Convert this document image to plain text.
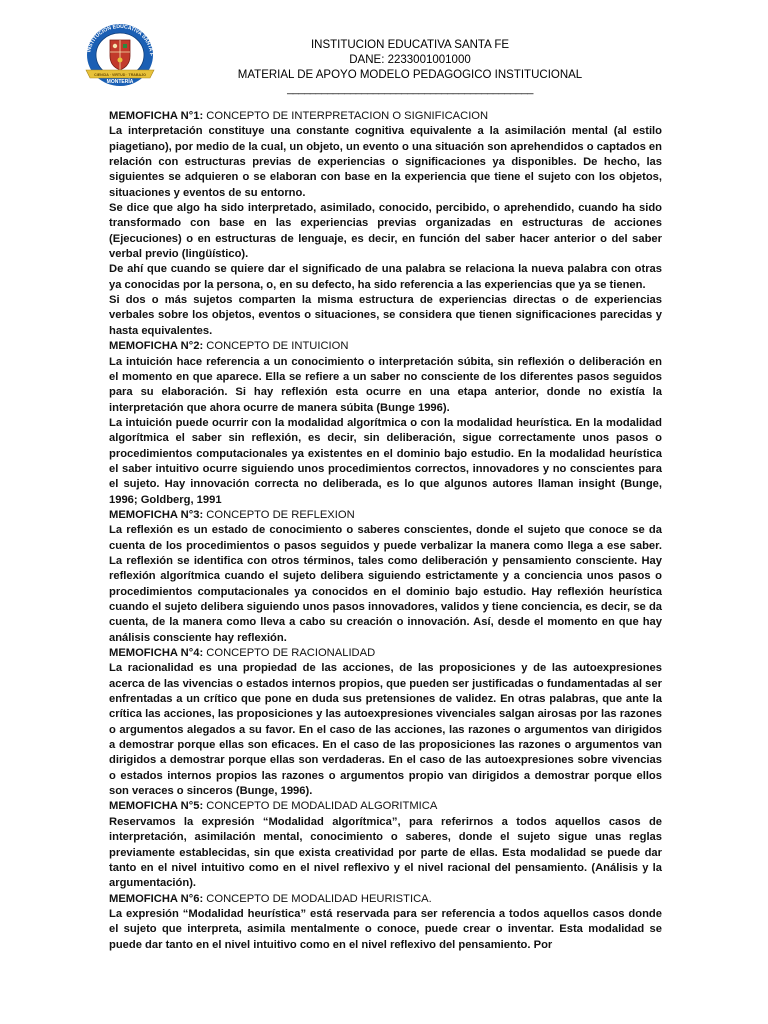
INSTITUCIÓN EDUCATIVA SANTA F
MONTERÍA
CIENCIA · VIRTUD · TRABAJO
INSTITUCION EDUCATIVA SANTA FE
DANE: 2233001001000
MATERIAL DE APOYO MODELO PEDAGOGICO INSTITUCIONAL
___________________________________________
MEMOFICHA N°1: CONCEPTO DE INTERPRETACION O SIGNIFICACION

La interpretación constituye una constante cognitiva equivalente a la asimilación mental (al estilo piagetiano), por medio de la cual, un objeto, un evento o una situación son aprehendidos o captados en relación con estructuras previas de experiencias o significaciones ya disponibles. De hecho, las siguientes se adquieren o se elaboran con base en la experiencia que tiene el sujeto con los objetos, situaciones y eventos de su entorno.

Se dice que algo ha sido interpretado, asimilado, conocido, percibido, o aprehendido, cuando ha sido transformado con base en las experiencias previas organizadas en estructuras de acciones (Ejecuciones) o en estructuras de lenguaje, es decir, en función del saber hacer anterior o del saber verbal previo (lingüístico).

De ahí que cuando se quiere dar el significado de una palabra se relaciona la nueva palabra con otras ya conocidas por la persona, o, en su defecto, ha sido referencia a las experiencias que ya se tienen.

Si dos o más sujetos comparten la misma estructura de experiencias directas o de experiencias verbales sobre los objetos, eventos o situaciones, se considera que tienen significaciones parecidas y hasta equivalentes.

MEMOFICHA N°2: CONCEPTO DE INTUICION

La intuición hace referencia a un conocimiento o interpretación súbita, sin reflexión o deliberación en el momento en que aparece. Ella se refiere a un saber no consciente de los diferentes pasos seguidos para su elaboración. Si hay reflexión esta ocurre en una etapa anterior, donde no existía la interpretación que ahora ocurre de manera súbita (Bunge 1996).

La intuición puede ocurrir con la modalidad algorítmica o con la modalidad heurística. En la modalidad algorítmica el saber sin reflexión, es decir, sin deliberación, sigue correctamente unos pasos o procedimientos computacionales ya existentes en el dominio bajo estudio. En la modalidad heurística el saber intuitivo ocurre siguiendo unos procedimientos correctos, innovadores y no conscientes para el sujeto. Hay innovación correcta no deliberada, es lo que algunos autores llaman insight (Bunge, 1996; Goldberg, 1991

MEMOFICHA N°3: CONCEPTO DE REFLEXION

La reflexión es un estado de conocimiento o saberes conscientes, donde el sujeto que conoce se da cuenta de los procedimientos o pasos seguidos y puede verbalizar la manera como llega a ese saber. La reflexión se identifica con otros términos, tales como deliberación y pensamiento consciente. Hay reflexión algorítmica cuando el sujeto delibera siguiendo estrictamente y a conciencia unos pasos o procedimientos computacionales ya conocidos en el dominio bajo estudio. Hay reflexión heurística cuando el sujeto delibera siguiendo unos pasos innovadores, validos y tiene conciencia, es decir, se da cuenta, de la manera como lleva a cabo su creación o innovación. Así, desde el momento en que hay análisis consciente hay reflexión.

MEMOFICHA N°4: CONCEPTO DE RACIONALIDAD

La racionalidad es una propiedad de las acciones, de las proposiciones y de las autoexpresiones acerca de las vivencias o estados internos propios, que pueden ser justificadas o fundamentadas al ser enfrentadas a un crítico que pone en duda sus pretensiones de validez. En otras palabras, que ante la crítica las acciones, las proposiciones y las autoexpresiones vivenciales salgan airosas por las razones o argumentos alegados a su favor. En el caso de las acciones, las razones o argumentos van dirigidos a demostrar porque ellas son eficaces. En el caso de las proposiciones las razones o argumentos van dirigidos a demostrar porque ellas son verdaderas. En el caso de las autoexpresiones sobre vivencias o estados internos propios las razones o argumentos propio van dirigidos a demostrar porque ellos son veraces o sinceros (Bunge, 1996).

MEMOFICHA N°5: CONCEPTO DE MODALIDAD ALGORITMICA

Reservamos la expresión “Modalidad algorítmica”, para referirnos a todos aquellos casos de interpretación, asimilación mental, conocimiento o saberes, donde el sujeto sigue unas reglas previamente establecidas, sin que exista creatividad por parte de ellas. Esta modalidad se puede dar tanto en el nivel intuitivo como en el nivel reflexivo y el nivel racional del pensamiento. (Análisis y la argumentación).

MEMOFICHA N°6: CONCEPTO DE MODALIDAD HEURISTICA.

La expresión “Modalidad heurística” está reservada para ser referencia a todos aquellos casos donde el sujeto que interpreta, asimila mentalmente o conoce, puede crear o inventar. Esta modalidad se puede dar tanto en el nivel intuitivo como en el nivel reflexivo del pensamiento. Por
